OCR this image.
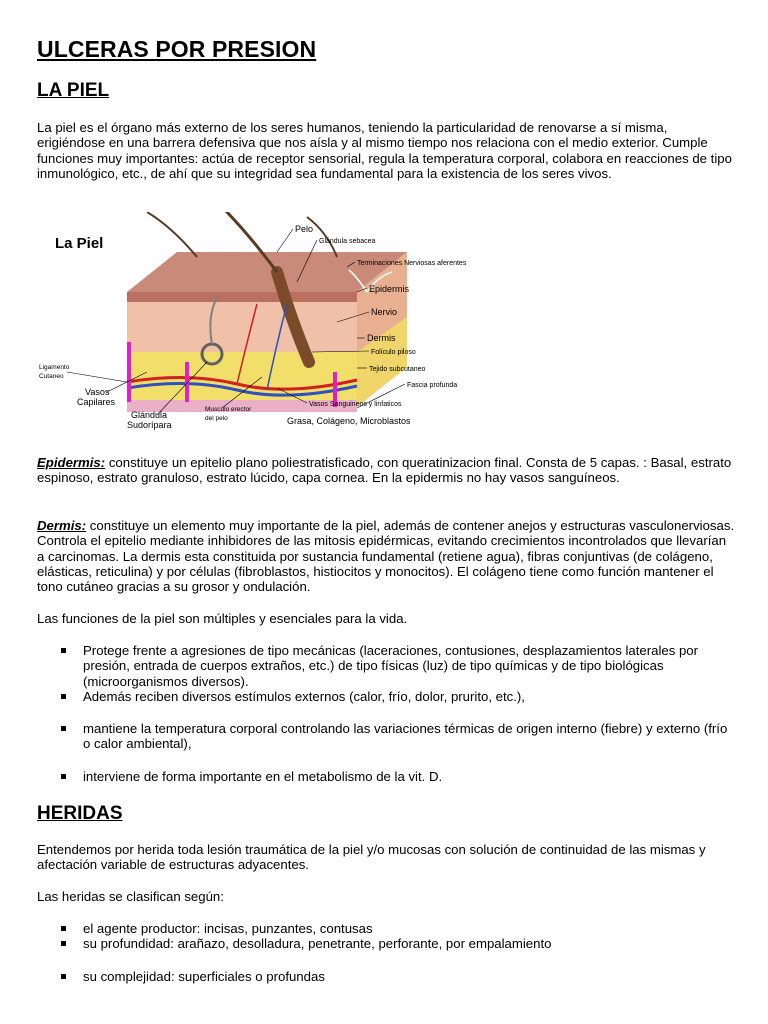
ULCERAS POR PRESION
LA PIEL

La piel es el órgano más externo de los seres humanos, teniendo la particularidad de renovarse a sí misma, erigiéndose en una barrera defensiva que nos aísla y al mismo tiempo nos relaciona con el medio exterior. Cumple funciones muy importantes: actúa de receptor sensorial, regula la temperatura corporal, colabora en reacciones de tipo inmunológico, etc., de ahí que su integridad sea fundamental para la existencia de los seres vivos.

La Piel
Pelo
Glándula sebacea
Terminaciones Nerviosas aferentes
Epidermis
Nervio
Dermis
Folículo piloso
Tejido subcutaneo
Fascia profunda
Vasos Sanguineos y linfaticos
Grasa, Colágeno, Microblastos
Ligamento
Cutaneo
Vasos
Capilares
Glándula
Sudorípara
Musculo erector
del pelo

Epidermis: constituye un epitelio plano poliestratisficado, con queratinizacion final. Consta de 5 capas. : Basal, estrato espinoso, estrato granuloso, estrato lúcido, capa cornea. En la epidermis no hay vasos sanguíneos.

Dermis: constituye un elemento muy importante de la piel, además de contener anejos y estructuras vasculonerviosas. Controla el epitelio mediante inhibidores de las mitosis epidérmicas, evitando crecimientos incontrolados que llevarían a carcinomas. La dermis esta constituida por sustancia fundamental (retiene agua), fibras conjuntivas (de colágeno, elásticas, reticulina) y por células (fibroblastos, histiocitos y monocitos). El colágeno tiene como función mantener el tono cutáneo gracias a su grosor y ondulación.

Las funciones de la piel son múltiples y esenciales para la vida.

Protege frente a agresiones de tipo mecánicas (laceraciones, contusiones, desplazamientos laterales por presión, entrada de cuerpos extraños, etc.) de tipo físicas (luz) de tipo químicas y de tipo biológicas (microorganismos diversos).
Además reciben diversos estímulos externos (calor, frío, dolor, prurito, etc.),
mantiene la temperatura corporal controlando las variaciones térmicas de origen interno (fiebre) y externo (frío o calor ambiental),
interviene de forma importante en el metabolismo de la vit. D.
HERIDAS

Entendemos por herida toda lesión traumática de la piel y/o mucosas con solución de continuidad de las mismas y afectación variable de estructuras adyacentes.

Las heridas se clasifican según:

el agente productor: incisas, punzantes, contusas
su profundidad: arañazo, desolladura, penetrante, perforante, por empalamiento
su complejidad: superficiales o profundas
